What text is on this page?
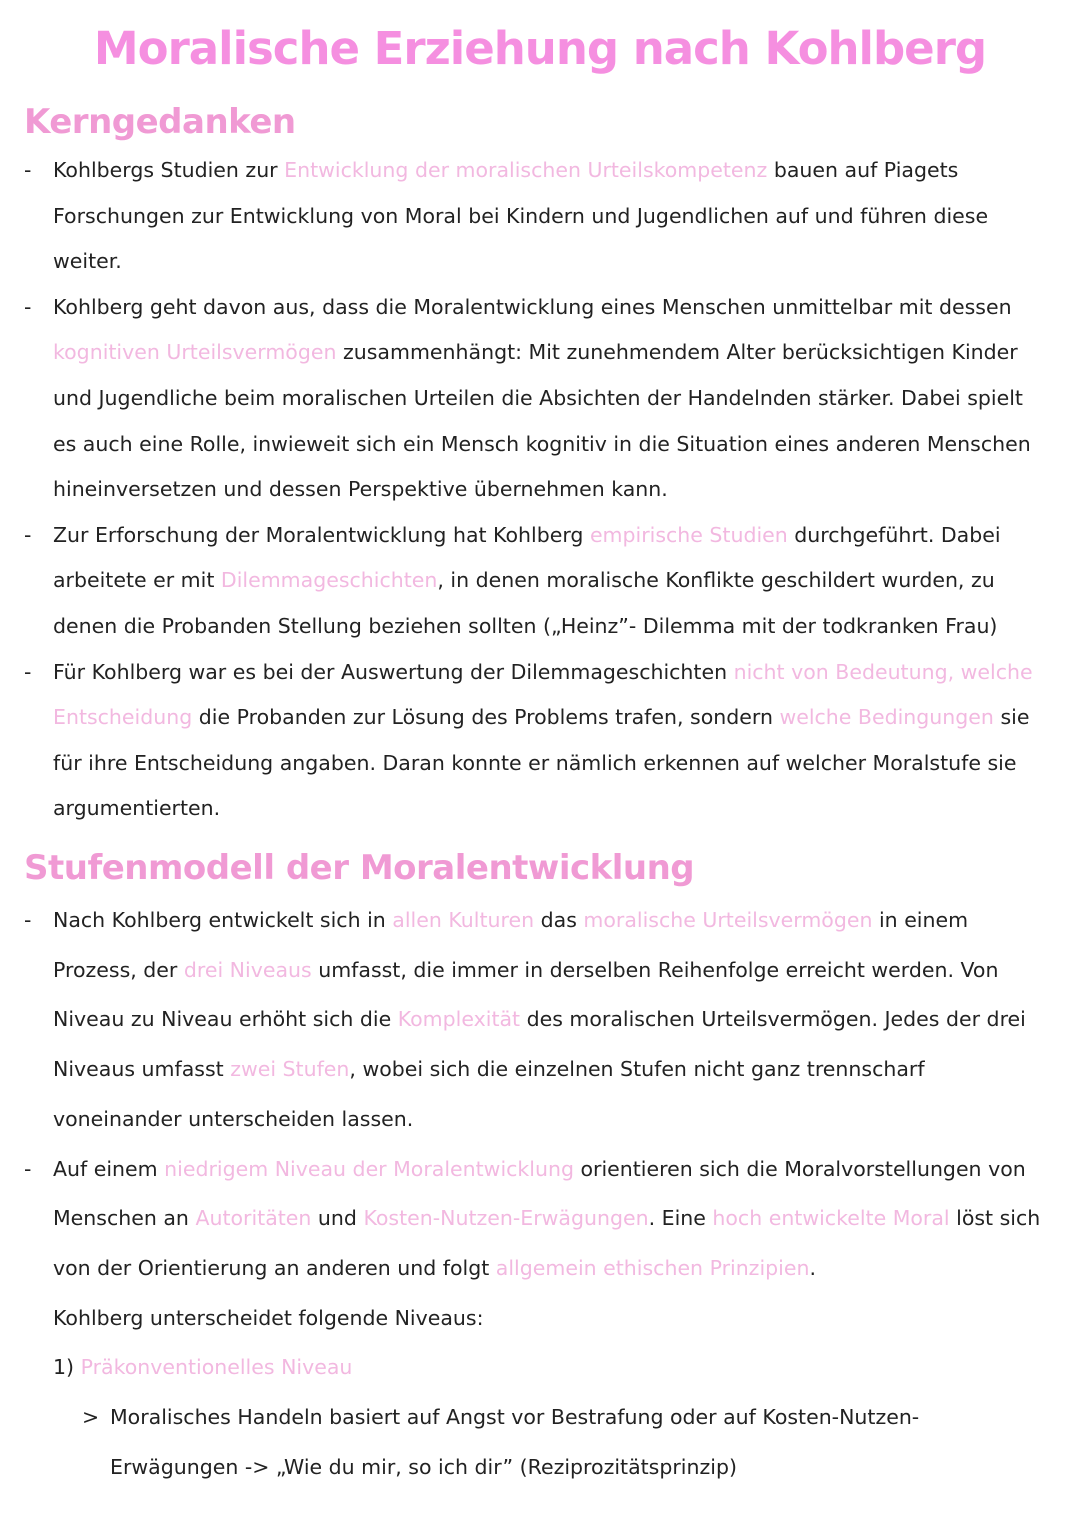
Moralische Erziehung nach Kohlberg
Kerngedanken
- Kohlbergs Studien zur Entwicklung der moralischen Urteilskompetenz bauen auf Piagets Forschungen zur Entwicklung von Moral bei Kindern und Jugendlichen auf und führen diese weiter.
- Kohlberg geht davon aus, dass die Moralentwicklung eines Menschen unmittelbar mit dessen kognitiven Urteilsvermögen zusammenhängt: Mit zunehmendem Alter berücksichtigen Kinder und Jugendliche beim moralischen Urteilen die Absichten der Handelnden stärker. Dabei spielt es auch eine Rolle, inwieweit sich ein Mensch kognitiv in die Situation eines anderen Menschen hineinversetzen und dessen Perspektive übernehmen kann.
- Zur Erforschung der Moralentwicklung hat Kohlberg empirische Studien durchgeführt. Dabei arbeitete er mit Dilemmageschichten, in denen moralische Konflikte geschildert wurden, zu denen die Probanden Stellung beziehen sollten („Heinz”- Dilemma mit der todkranken Frau)
- Für Kohlberg war es bei der Auswertung der Dilemmageschichten nicht von Bedeutung, welche Entscheidung die Probanden zur Lösung des Problems trafen, sondern welche Bedingungen sie für ihre Entscheidung angaben. Daran konnte er nämlich erkennen auf welcher Moralstufe sie argumentierten.
Stufenmodell der Moralentwicklung
- Nach Kohlberg entwickelt sich in allen Kulturen das moralische Urteilsvermögen in einem Prozess, der drei Niveaus umfasst, die immer in derselben Reihenfolge erreicht werden. Von Niveau zu Niveau erhöht sich die Komplexität des moralischen Urteilsvermögen. Jedes der drei Niveaus umfasst zwei Stufen, wobei sich die einzelnen Stufen nicht ganz trennscharf voneinander unterscheiden lassen.
- Auf einem niedrigem Niveau der Moralentwicklung orientieren sich die Moralvorstellungen von Menschen an Autoritäten und Kosten-Nutzen-Erwägungen. Eine hoch entwickelte Moral löst sich von der Orientierung an anderen und folgt allgemein ethischen Prinzipien.
Kohlberg unterscheidet folgende Niveaus:
1) Präkonventionelles Niveau
> Moralisches Handeln basiert auf Angst vor Bestrafung oder auf Kosten-Nutzen-Erwägungen -> „Wie du mir, so ich dir” (Reziprozitätsprinzip)
